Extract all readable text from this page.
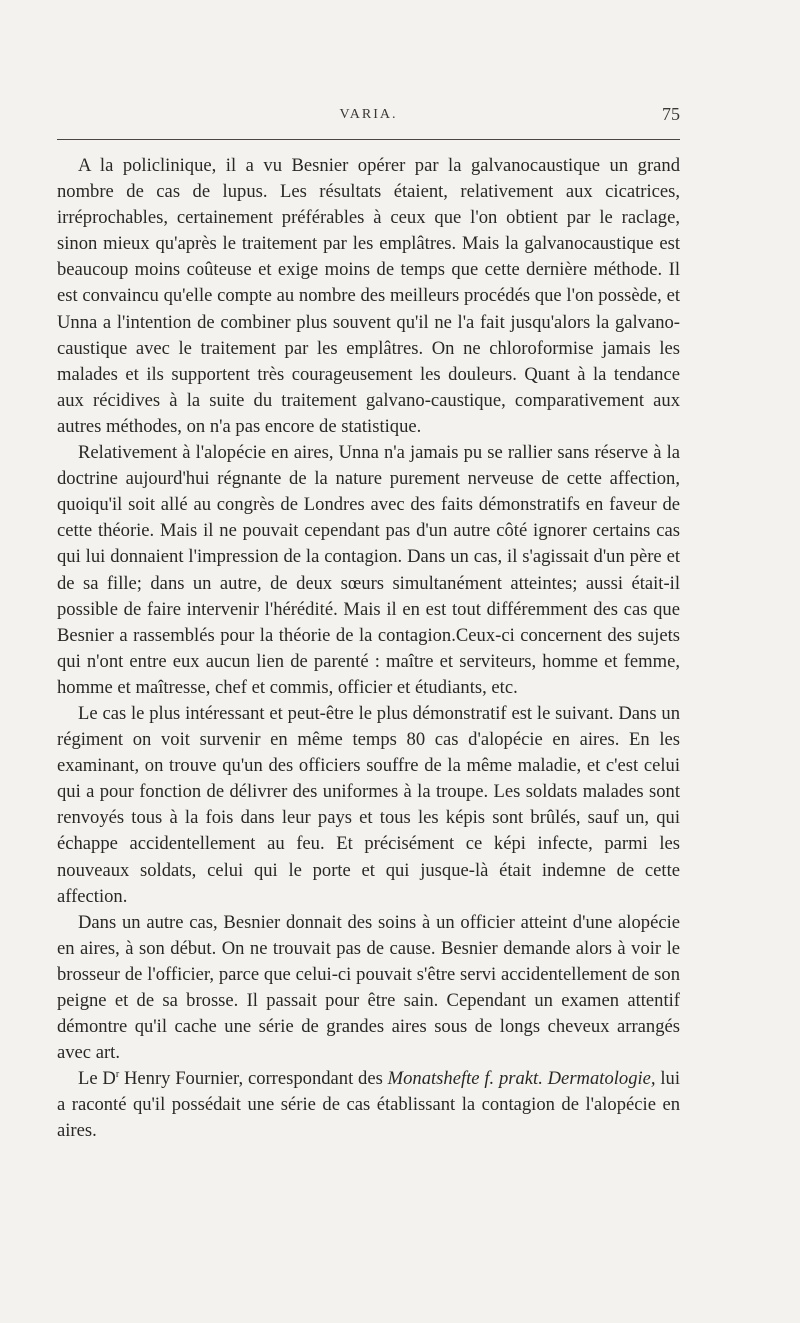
VARIA.	75

A la policlinique, il a vu Besnier opérer par la galvanocaustique un grand nombre de cas de lupus. Les résultats étaient, relativement aux cicatrices, irréprochables, certainement préférables à ceux que l'on obtient par le raclage, sinon mieux qu'après le traitement par les emplâtres. Mais la galvanocaustique est beaucoup moins coûteuse et exige moins de temps que cette dernière méthode. Il est convaincu qu'elle compte au nombre des meilleurs procédés que l'on possède, et Unna a l'intention de combiner plus souvent qu'il ne l'a fait jusqu'alors la galvano-caustique avec le traitement par les emplâtres. On ne chloroformise jamais les malades et ils supportent très courageusement les douleurs. Quant à la tendance aux récidives à la suite du traitement galvano-caustique, comparativement aux autres méthodes, on n'a pas encore de statistique.

Relativement à l'alopécie en aires, Unna n'a jamais pu se rallier sans réserve à la doctrine aujourd'hui régnante de la nature purement nerveuse de cette affection, quoiqu'il soit allé au congrès de Londres avec des faits démonstratifs en faveur de cette théorie. Mais il ne pouvait cependant pas d'un autre côté ignorer certains cas qui lui donnaient l'impression de la contagion. Dans un cas, il s'agissait d'un père et de sa fille; dans un autre, de deux sœurs simultanément atteintes; aussi était-il possible de faire intervenir l'hérédité. Mais il en est tout différemment des cas que Besnier a rassemblés pour la théorie de la contagion.Ceux-ci concernent des sujets qui n'ont entre eux aucun lien de parenté : maître et serviteurs, homme et femme, homme et maîtresse, chef et commis, officier et étudiants, etc.

Le cas le plus intéressant et peut-être le plus démonstratif est le suivant. Dans un régiment on voit survenir en même temps 80 cas d'alopécie en aires. En les examinant, on trouve qu'un des officiers souffre de la même maladie, et c'est celui qui a pour fonction de délivrer des uniformes à la troupe. Les soldats malades sont renvoyés tous à la fois dans leur pays et tous les képis sont brûlés, sauf un, qui échappe accidentellement au feu. Et précisément ce képi infecte, parmi les nouveaux soldats, celui qui le porte et qui jusque-là était indemne de cette affection.

Dans un autre cas, Besnier donnait des soins à un officier atteint d'une alopécie en aires, à son début. On ne trouvait pas de cause. Besnier demande alors à voir le brosseur de l'officier, parce que celui-ci pouvait s'être servi accidentellement de son peigne et de sa brosse. Il passait pour être sain. Cependant un examen attentif démontre qu'il cache une série de grandes aires sous de longs cheveux arrangés avec art.

Le $D^r$ Henry Fournier, correspondant des Monatshefte f. prakt. Dermatologie, lui a raconté qu'il possédait une série de cas établissant la contagion de l'alopécie en aires.
